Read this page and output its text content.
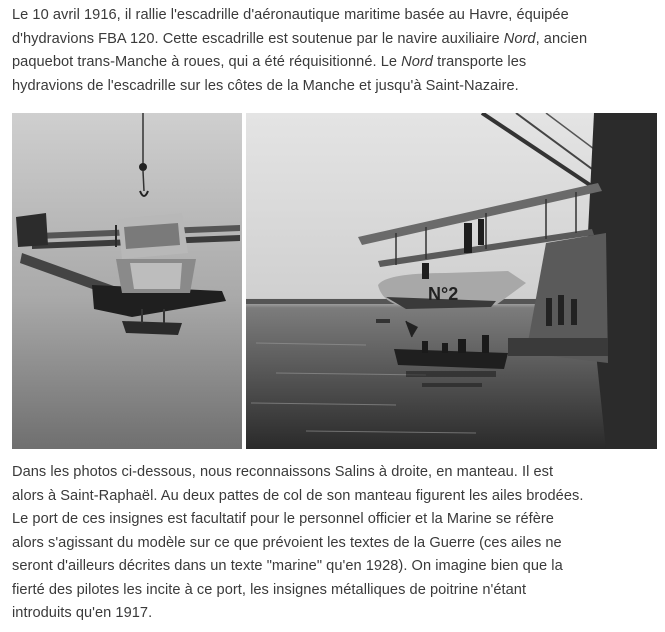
Le 10 avril 1916, il rallie l'escadrille d'aéronautique maritime basée au Havre, équipée
d'hydravions FBA 120. Cette escadrille est soutenue par le navire auxiliaire Nord, ancien
paquebot trans-Manche à roues, qui a été réquisitionné. Le Nord transporte les
hydravions de l'escadrille sur les côtes de la Manche et jusqu'à Saint-Nazaire.
N°2
Dans les photos ci-dessous, nous reconnaissons Salins à droite, en manteau. Il est
alors à Saint-Raphaël. Au deux pattes de col de son manteau figurent les ailes brodées.
Le port de ces insignes est facultatif pour le personnel officier et la Marine se réfère
alors s'agissant du modèle sur ce que prévoient les textes de la Guerre (ces ailes ne
seront d'ailleurs décrites dans un texte "marine" qu'en 1928). On imagine bien que la
fierté des pilotes les incite à ce port, les insignes métalliques de poitrine n'étant
introduits qu'en 1917.
